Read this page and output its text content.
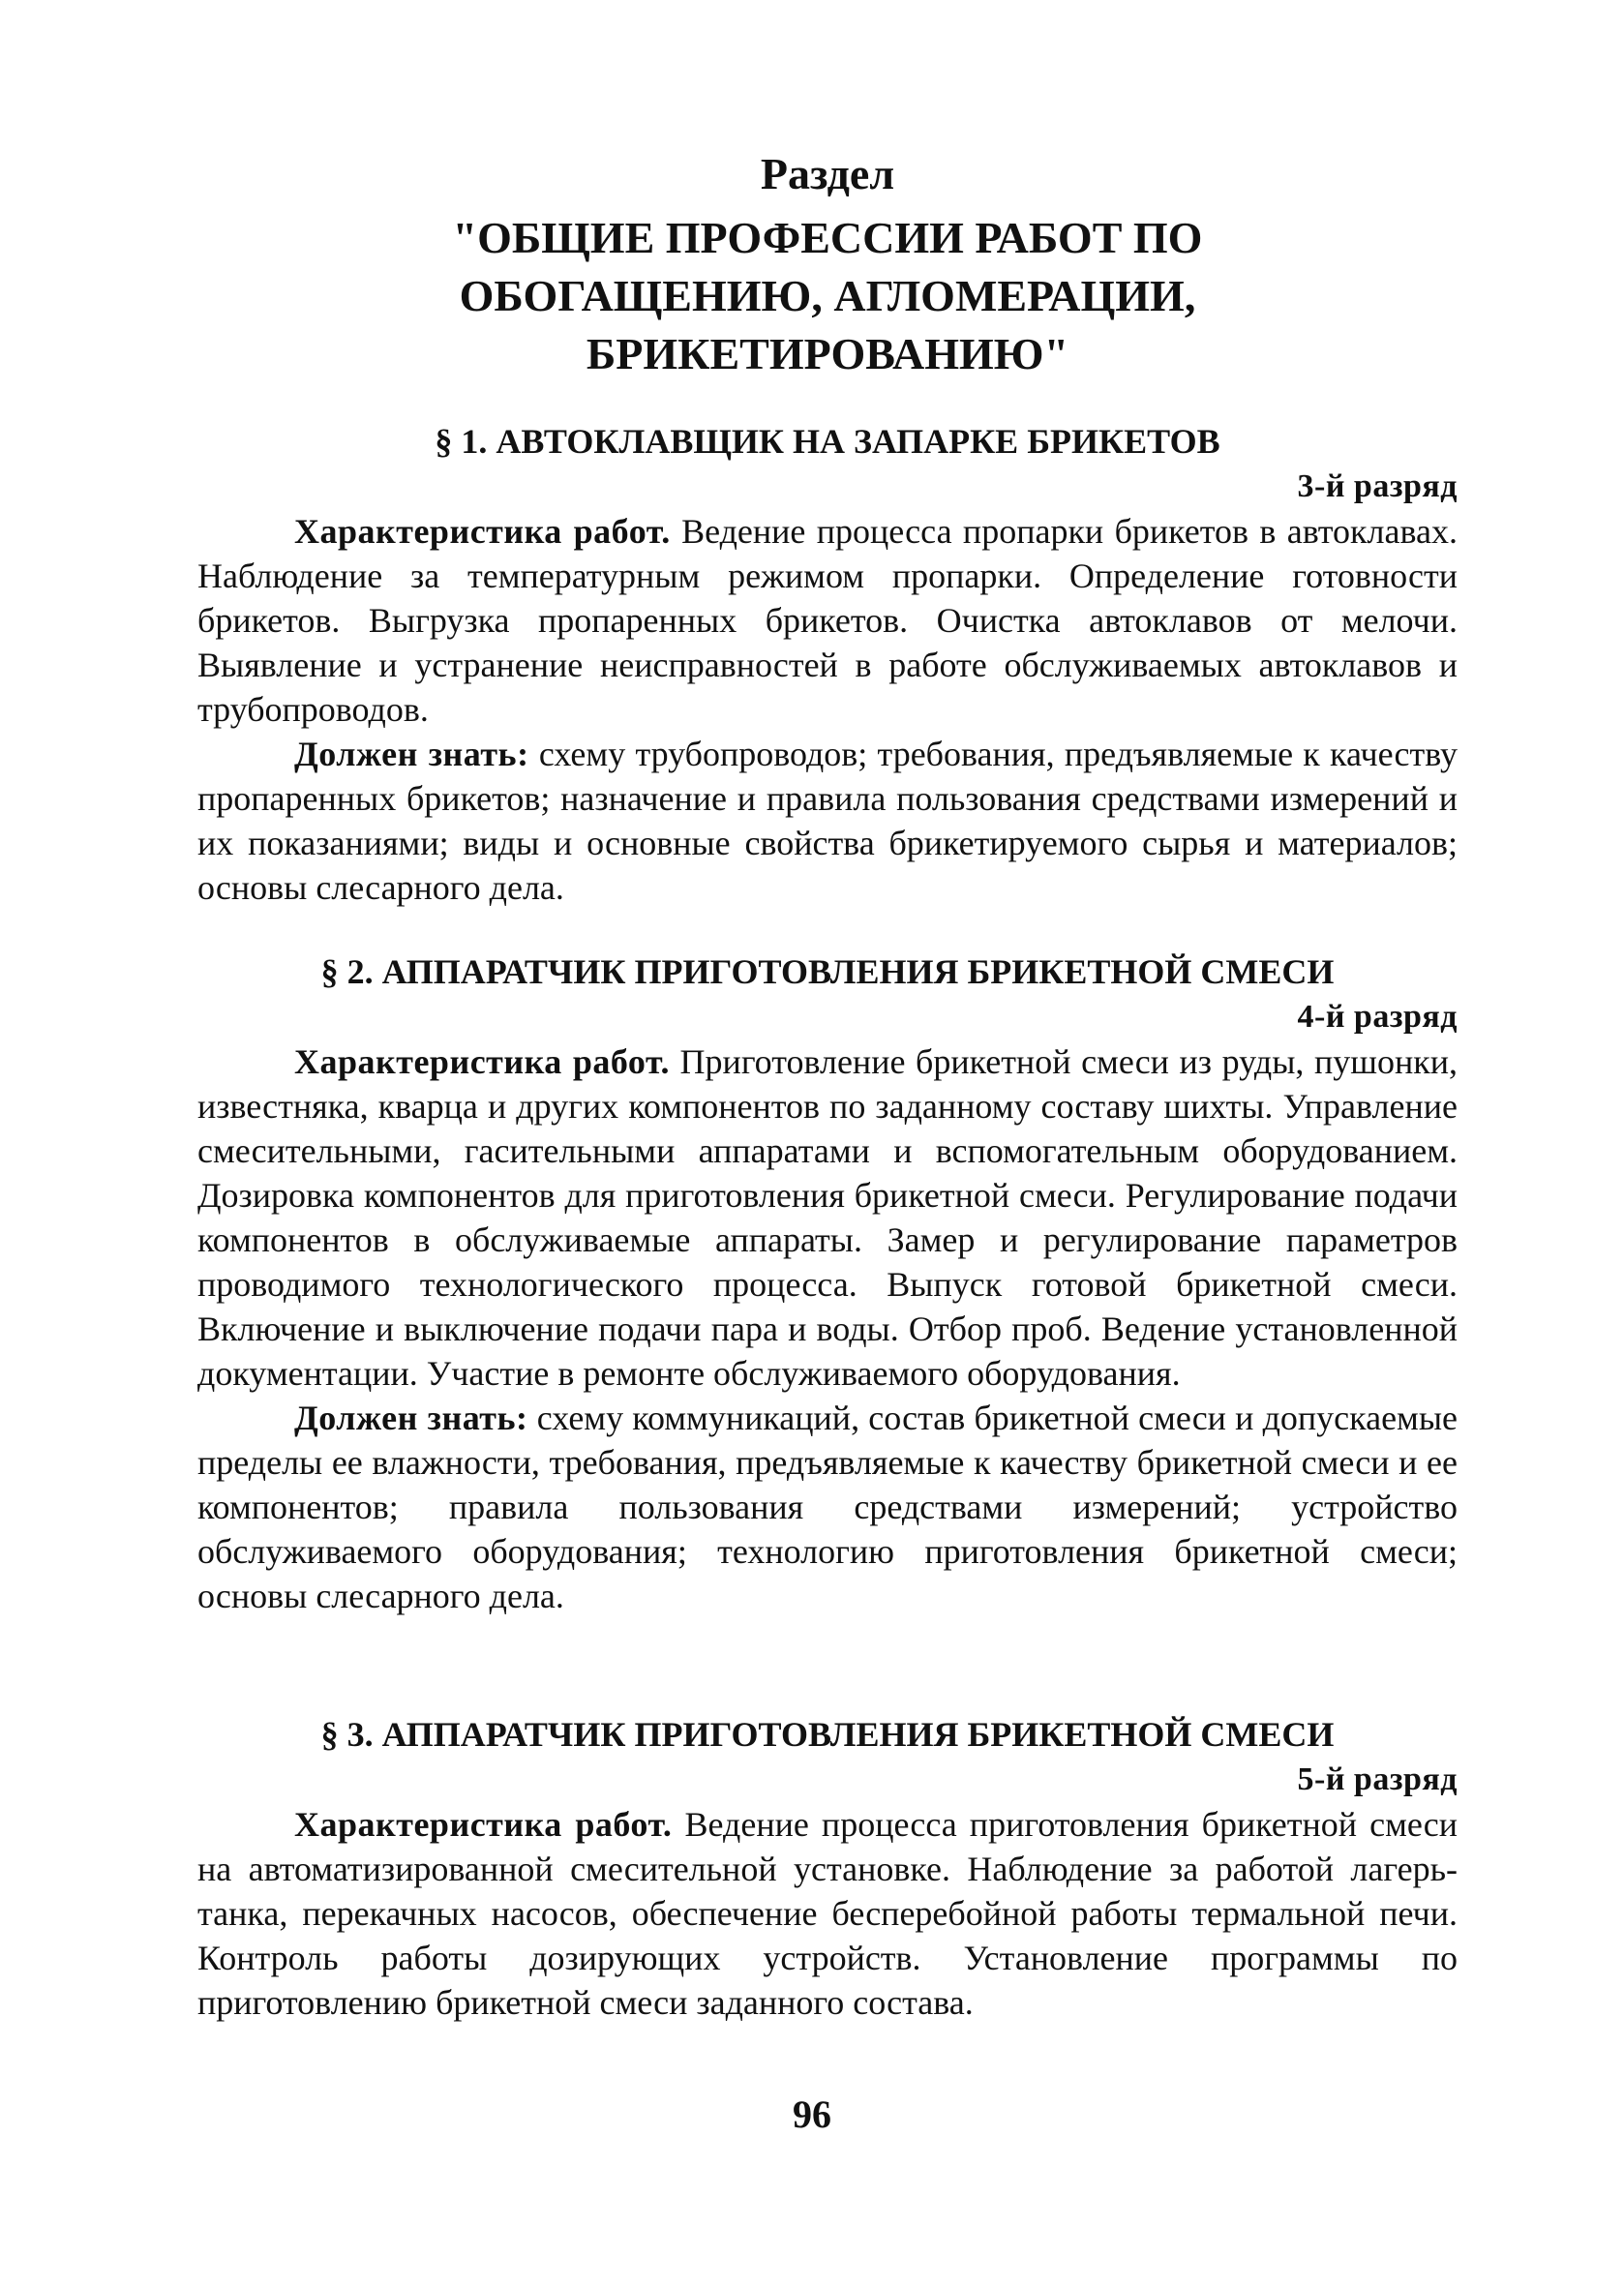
Раздел
"ОБЩИЕ ПРОФЕССИИ РАБОТ ПО
ОБОГАЩЕНИЮ, АГЛОМЕРАЦИИ,
БРИКЕТИРОВАНИЮ"
§ 1. АВТОКЛАВЩИК НА ЗАПАРКЕ БРИКЕТОВ
3-й разряд

Характеристика работ. Ведение процесса пропарки брикетов в автоклавах. Наблюдение за температурным режимом пропарки. Определение готовности брикетов. Выгрузка пропаренных брикетов. Очистка автоклавов от мелочи. Выявление и устранение неисправностей в работе обслуживаемых автоклавов и трубопроводов.

Должен знать: схему трубопроводов; требования, предъявляемые к качеству пропаренных брикетов; назначение и правила пользования средствами измерений и их показаниями; виды и основные свойства брикетируемого сырья и материалов; основы слесарного дела.

§ 2. АППАРАТЧИК ПРИГОТОВЛЕНИЯ БРИКЕТНОЙ СМЕСИ
4-й разряд

Характеристика работ. Приготовление брикетной смеси из руды, пушонки, известняка, кварца и других компонентов по заданному составу шихты. Управление смесительными, гасительными аппаратами и вспомогательным оборудованием. Дозировка компонентов для приготовления брикетной смеси. Регулирование подачи компонентов в обслуживаемые аппараты. Замер и регулирование параметров проводимого технологического процесса. Выпуск готовой брикетной смеси. Включение и выключение подачи пара и воды. Отбор проб. Ведение установленной документации. Участие в ремонте обслуживаемого оборудования.

Должен знать: схему коммуникаций, состав брикетной смеси и допускаемые пределы ее влажности, требования, предъявляемые к качеству брикетной смеси и ее компонентов; правила пользования средствами измерений; устройство обслуживаемого оборудования; технологию приготовления брикетной смеси; основы слесарного дела.

§ 3. АППАРАТЧИК ПРИГОТОВЛЕНИЯ БРИКЕТНОЙ СМЕСИ
5-й разряд

Характеристика работ. Ведение процесса приготовления брикетной смеси на автоматизированной смесительной установке. Наблюдение за работой лагерь-танка, перекачных насосов, обеспечение бесперебойной работы термальной печи. Контроль работы дозирующих устройств. Установление программы по приготовлению брикетной смеси заданного состава.

96
